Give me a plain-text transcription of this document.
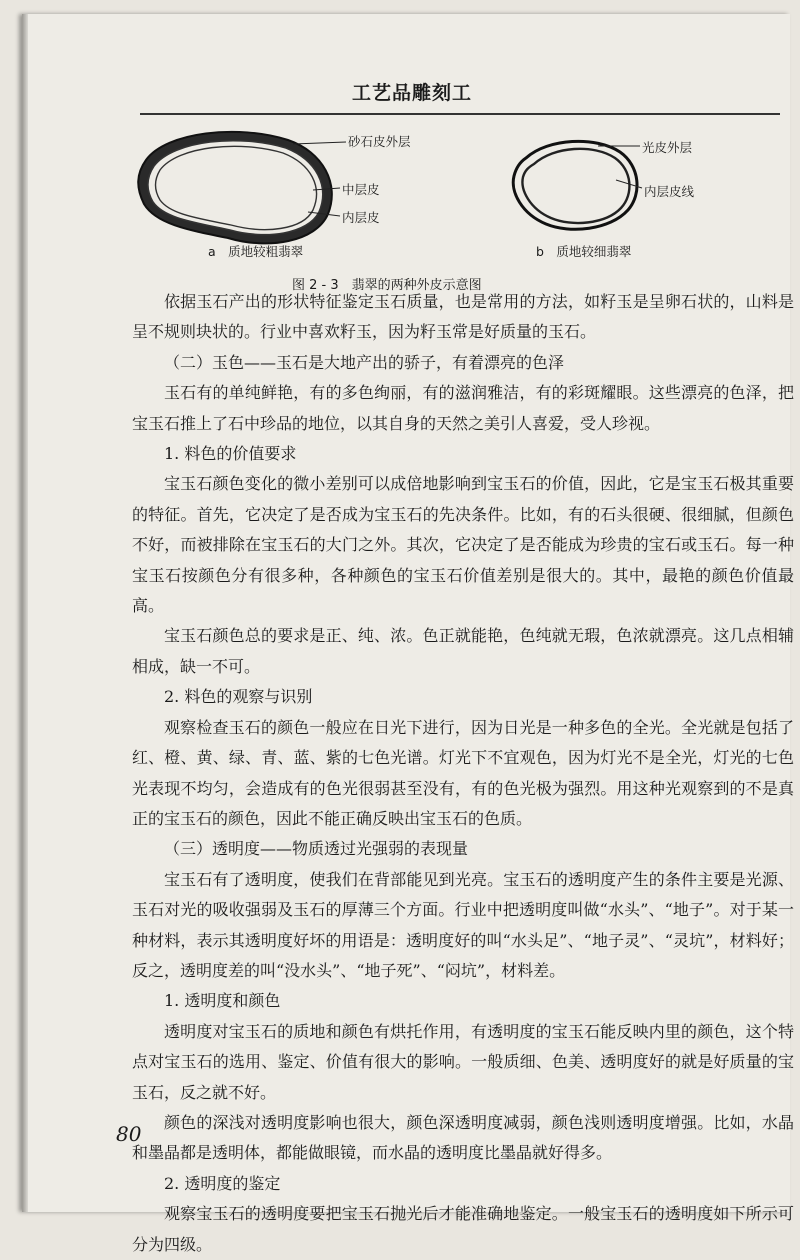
工艺品雕刻工
砂石皮外层
中层皮
内层皮
a　质地较粗翡翠
光皮外层
内层皮线
b　质地较细翡翠
图 2 - 3　翡翠的两种外皮示意图

依据玉石产出的形状特征鉴定玉石质量，也是常用的方法，如籽玉是呈卵石状的，山料是呈不规则块状的。行业中喜欢籽玉，因为籽玉常是好质量的玉石。

（二）玉色——玉石是大地产出的骄子，有着漂亮的色泽

玉石有的单纯鲜艳，有的多色绚丽，有的滋润雅洁，有的彩斑耀眼。这些漂亮的色泽，把宝玉石推上了石中珍品的地位，以其自身的天然之美引人喜爱，受人珍视。

1. 料色的价值要求

宝玉石颜色变化的微小差别可以成倍地影响到宝玉石的价值，因此，它是宝玉石极其重要的特征。首先，它决定了是否成为宝玉石的先决条件。比如，有的石头很硬、很细腻，但颜色不好，而被排除在宝玉石的大门之外。其次，它决定了是否能成为珍贵的宝石或玉石。每一种宝玉石按颜色分有很多种，各种颜色的宝玉石价值差别是很大的。其中，最艳的颜色价值最高。

宝玉石颜色总的要求是正、纯、浓。色正就能艳，色纯就无瑕，色浓就漂亮。这几点相辅相成，缺一不可。

2. 料色的观察与识别

观察检查玉石的颜色一般应在日光下进行，因为日光是一种多色的全光。全光就是包括了红、橙、黄、绿、青、蓝、紫的七色光谱。灯光下不宜观色，因为灯光不是全光，灯光的七色光表现不均匀，会造成有的色光很弱甚至没有，有的色光极为强烈。用这种光观察到的不是真正的宝玉石的颜色，因此不能正确反映出宝玉石的色质。

（三）透明度——物质透过光强弱的表现量

宝玉石有了透明度，使我们在背部能见到光亮。宝玉石的透明度产生的条件主要是光源、玉石对光的吸收强弱及玉石的厚薄三个方面。行业中把透明度叫做“水头”、“地子”。对于某一种材料，表示其透明度好坏的用语是：透明度好的叫“水头足”、“地子灵”、“灵坑”，材料好；反之，透明度差的叫“没水头”、“地子死”、“闷坑”，材料差。

1. 透明度和颜色

透明度对宝玉石的质地和颜色有烘托作用，有透明度的宝玉石能反映内里的颜色，这个特点对宝玉石的选用、鉴定、价值有很大的影响。一般质细、色美、透明度好的就是好质量的宝玉石，反之就不好。

颜色的深浅对透明度影响也很大，颜色深透明度减弱，颜色浅则透明度增强。比如，水晶和墨晶都是透明体，都能做眼镜，而水晶的透明度比墨晶就好得多。

2. 透明度的鉴定

观察宝玉石的透明度要把宝玉石抛光后才能准确地鉴定。一般宝玉石的透明度如下所示可分为四级。

80
